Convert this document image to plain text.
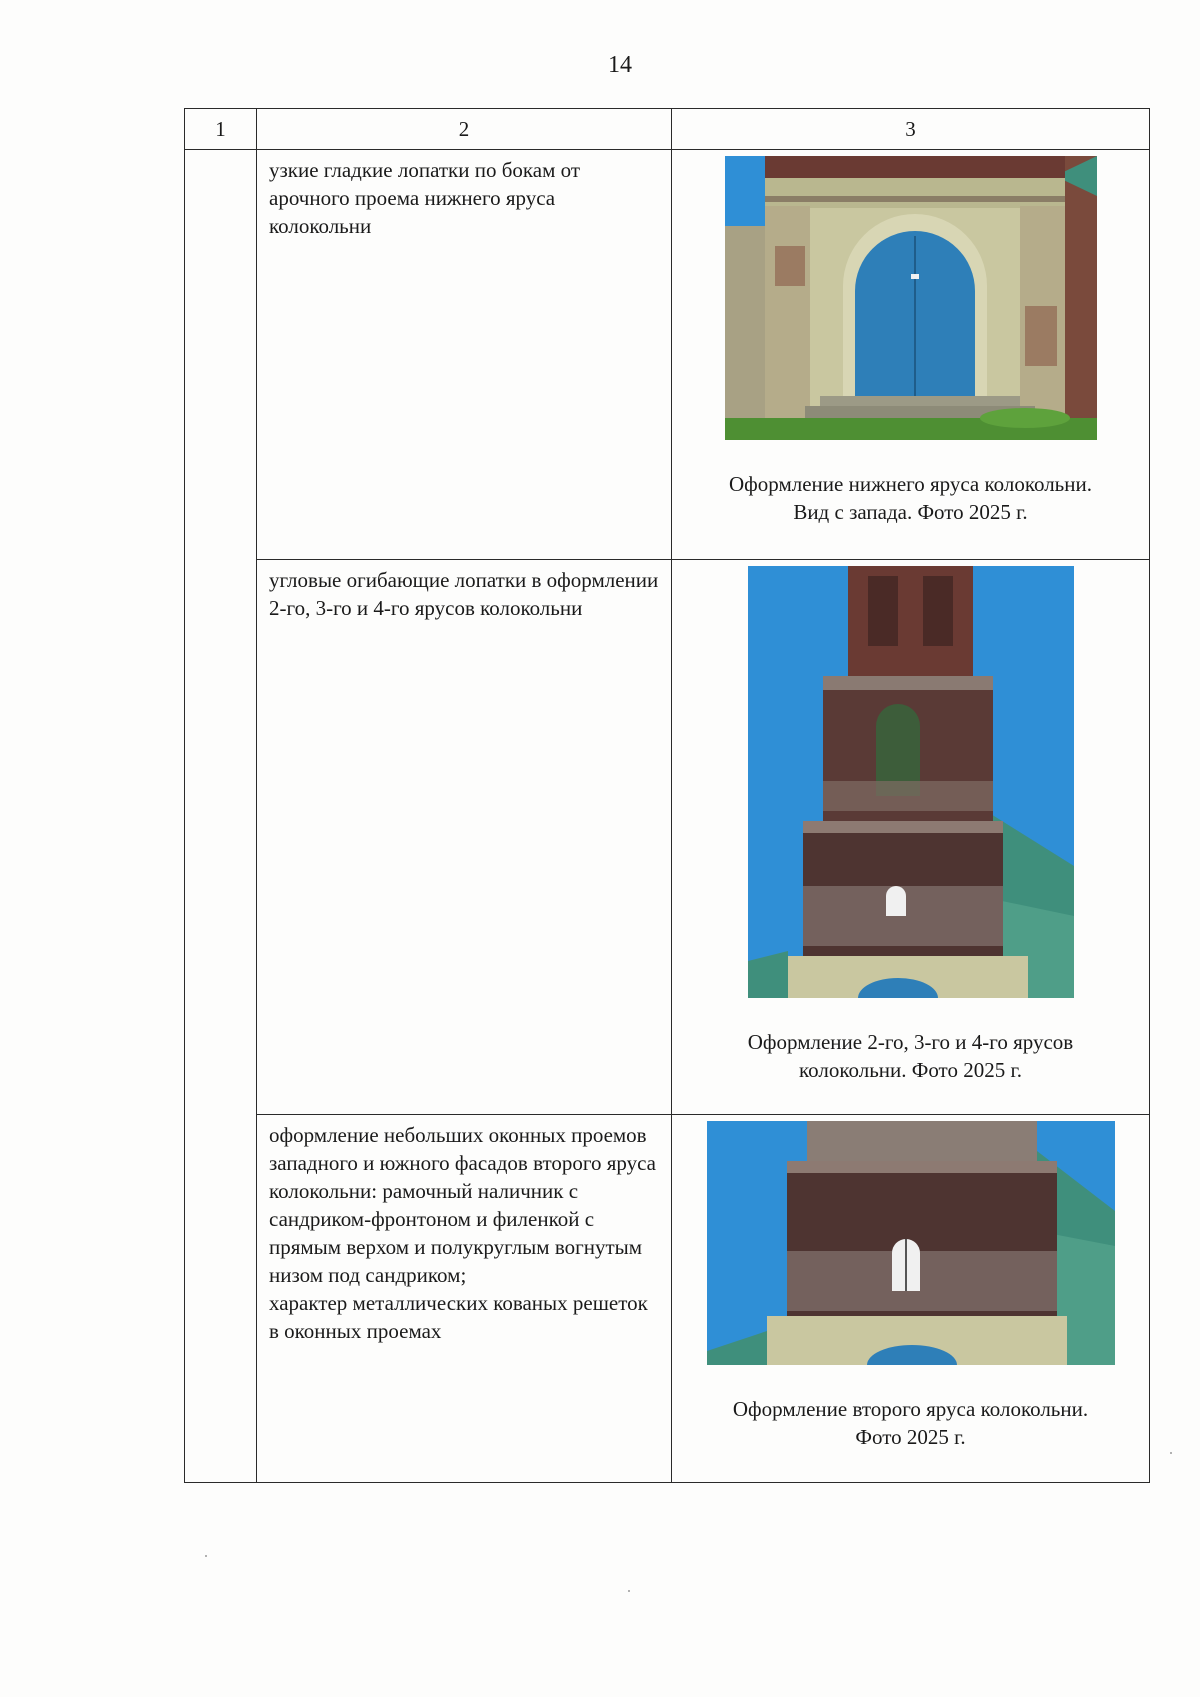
14
1	2	3
	узкие гладкие лопатки по бокам от арочного проема нижнего яруса колокольни	Оформление нижнего яруса колокольни.
Вид с запада. Фото 2025 г.

	угловые огибающие лопатки в оформлении 2-го, 3-го и 4-го ярусов колокольни	Оформление 2-го, 3-го и 4-го ярусов
колокольни. Фото 2025 г.

	оформление небольших оконных проемов западного и южного фасадов второго яруса колокольни: рамочный наличник с сандриком-фронтоном и филенкой с прямым верхом и полукруглым вогнутым низом под сандриком;
характер металлических кованых решеток в оконных проемах	Оформление второго яруса колокольни.
Фото 2025 г.
